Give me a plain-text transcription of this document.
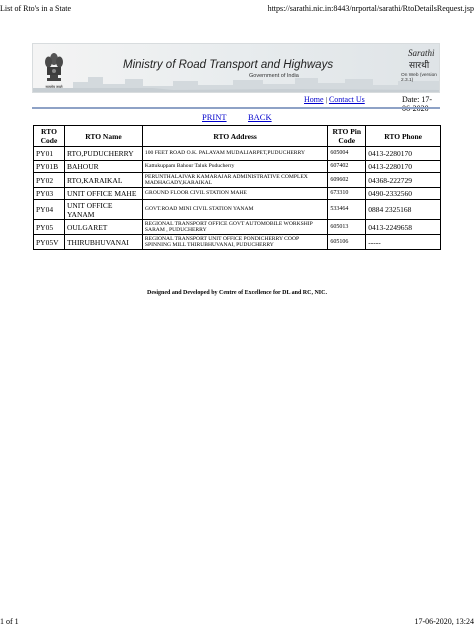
List of Rto's in a State	https://sarathi.nic.in:8443/nrportal/sarathi/RtoDetailsRequest.jsp
सत्यमेव जयते
Ministry of Road Transport and Highways
Government of India
Sarathi
सारथी
On Web (version 2.3.1)
Home | Contact Us	Date: 17-
PRINT	BACK
RTO Code	RTO Name	RTO Address	RTO Pin Code	RTO Phone
PY01	RTO,PUDUCHERRY	100 FEET ROAD O.K. PALAYAM MUDALIARPET,PUDUCHERRY	605004	0413-2280170
PY01B	BAHOUR	Kattukuppam Bahour Taluk Puducherry	607402	0413-2280170
PY02	RTO,KARAIKAL	PERUNTHALAIVAR KAMARAJAR ADMINISTRATIVE COMPLEX MADHAGADY,KARAIKAL	609602	04368-222729
PY03	UNIT OFFICE MAHE	GROUND FLOOR CIVIL STATION MAHE	673310	0490-2332560
PY04	UNIT OFFICE YANAM	GOVT.ROAD MINI CIVIL STATION YANAM	533464	0884 2325168
PY05	OULGARET	REGIONAL TRANSPORT OFFICE GOVT AUTOMOBILE WORKSHIP SARAM , PUDUCHERRY	605013	0413-2249658
PY05V	THIRUBHUVANAI	REGIONAL TRANSPORT UNIT OFFICE PONDICHERRY COOP SPINNING MILL THIRUBHUVANAI, PUDUCHERRY	605106	-----
Designed and Developed by Centre of Excellence for DL and RC, NIC.
1 of 1	17-06-2020, 13:24
